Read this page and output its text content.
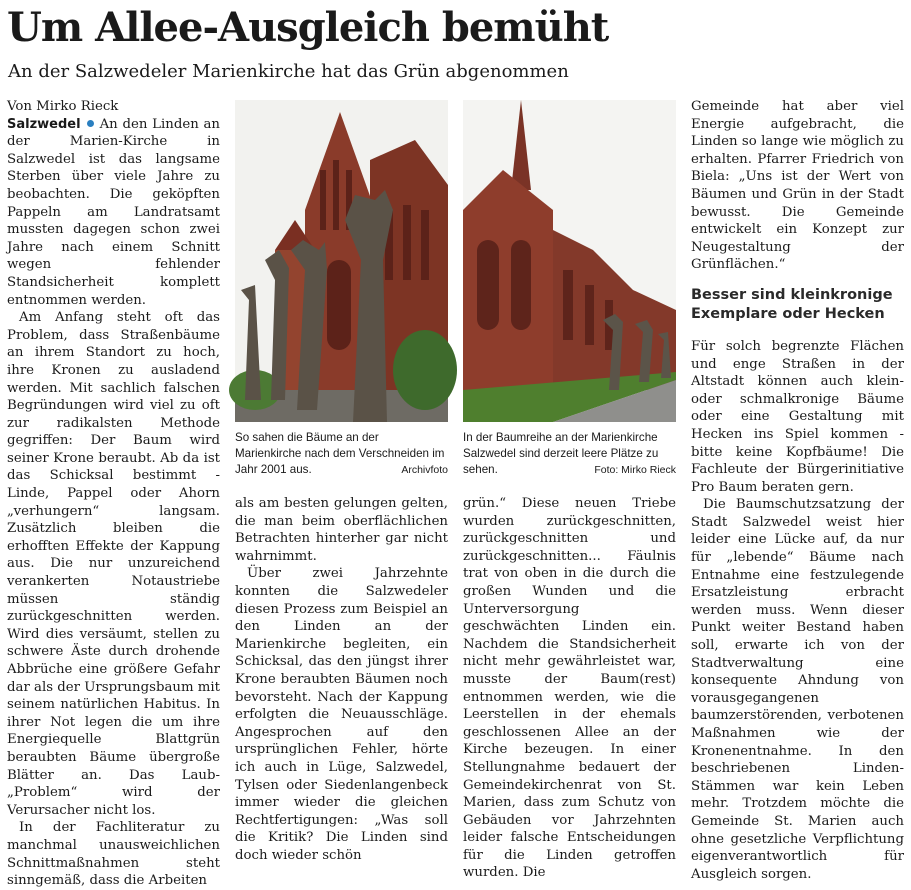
Um Allee-Ausgleich bemüht
An der Salzwedeler Marienkirche hat das Grün abgenommen
Von Mirko Rieck

Salzwedel An den Linden an der Marien-Kirche in Salzwedel ist das langsame Sterben über viele Jahre zu beobachten. Die geköpften Pappeln am Landratsamt mussten dagegen schon zwei Jahre nach einem Schnitt wegen fehlender Standsicherheit komplett entnommen werden.

Am Anfang steht oft das Problem, dass Straßenbäume an ihrem Standort zu hoch, ihre Kronen zu ausladend werden. Mit sachlich falschen Begründungen wird viel zu oft zur radikalsten Methode gegriffen: Der Baum wird seiner Krone beraubt. Ab da ist das Schicksal bestimmt - Linde, Pappel oder Ahorn „verhungern“ langsam. Zusätzlich bleiben die erhofften Effekte der Kappung aus. Die nur unzureichend verankerten Notaustriebe müssen ständig zurückgeschnitten werden. Wird dies versäumt, stellen zu schwere Äste durch drohende Abbrüche eine größere Gefahr dar als der Ursprungsbaum mit seinem natürlichen Habitus. In ihrer Not legen die um ihre Energiequelle Blattgrün beraubten Bäume übergroße Blätter an. Das Laub-„Problem“ wird der Verursacher nicht los.

In der Fachliteratur zu manchmal unausweichlichen Schnittmaßnahmen steht sinngemäß, dass die Arbeiten

So sahen die Bäume an der Marienkirche nach dem Verschneiden im Jahr 2001 aus.	Archivfoto
In der Baumreihe an der Marienkirche Salzwedel sind derzeit leere Plätze zu sehen.	Foto: Mirko Rieck

als am besten gelungen gelten, die man beim oberflächlichen Betrachten hinterher gar nicht wahrnimmt.

Über zwei Jahrzehnte konnten die Salzwedeler diesen Prozess zum Beispiel an den Linden an der Marienkirche begleiten, ein Schicksal, das den jüngst ihrer Krone beraubten Bäumen noch bevorsteht. Nach der Kappung erfolgten die Neuausschläge. Angesprochen auf den ursprünglichen Fehler, hörte ich auch in Lüge, Salzwedel, Tylsen oder Siedenlangenbeck immer wieder die gleichen Rechtfertigungen: „Was soll die Kritik? Die Linden sind doch wieder schön

grün.“ Diese neuen Triebe wurden zurückgeschnitten, zurückgeschnitten und zurückgeschnitten... Fäulnis trat von oben in die durch die großen Wunden und die Unterversorgung geschwächten Linden ein. Nachdem die Standsicherheit nicht mehr gewährleistet war, musste der Baum(rest) entnommen werden, wie die Leerstellen in der ehemals geschlossenen Allee an der Kirche bezeugen. In einer Stellungnahme bedauert der Gemeindekirchenrat von St. Marien, dass zum Schutz von Gebäuden vor Jahrzehnten leider falsche Entscheidungen für die Linden getroffen wurden. Die

Gemeinde hat aber viel Energie aufgebracht, die Linden so lange wie möglich zu erhalten. Pfarrer Friedrich von Biela: „Uns ist der Wert von Bäumen und Grün in der Stadt bewusst. Die Gemeinde entwickelt ein Konzept zur Neugestaltung der Grünflächen.“

Besser sind kleinkronige Exemplare oder Hecken

Für solch begrenzte Flächen und enge Straßen in der Altstadt können auch klein- oder schmalkronige Bäume oder eine Gestaltung mit Hecken ins Spiel kommen - bitte keine Kopfbäume! Die Fachleute der Bürgerinitiative Pro Baum beraten gern.

Die Baumschutzsatzung der Stadt Salzwedel weist hier leider eine Lücke auf, da nur für „lebende“ Bäume nach Entnahme eine festzulegende Ersatzleistung erbracht werden muss. Wenn dieser Punkt weiter Bestand haben soll, erwarte ich von der Stadtverwaltung eine konsequente Ahndung von vorausgegangenen baumzerstörenden, verbotenen Maßnahmen wie der Kronenentnahme. In den beschriebenen Linden-Stämmen war kein Leben mehr. Trotzdem möchte die Gemeinde St. Marien auch ohne gesetzliche Verpflichtung eigenverantwortlich für Ausgleich sorgen.
